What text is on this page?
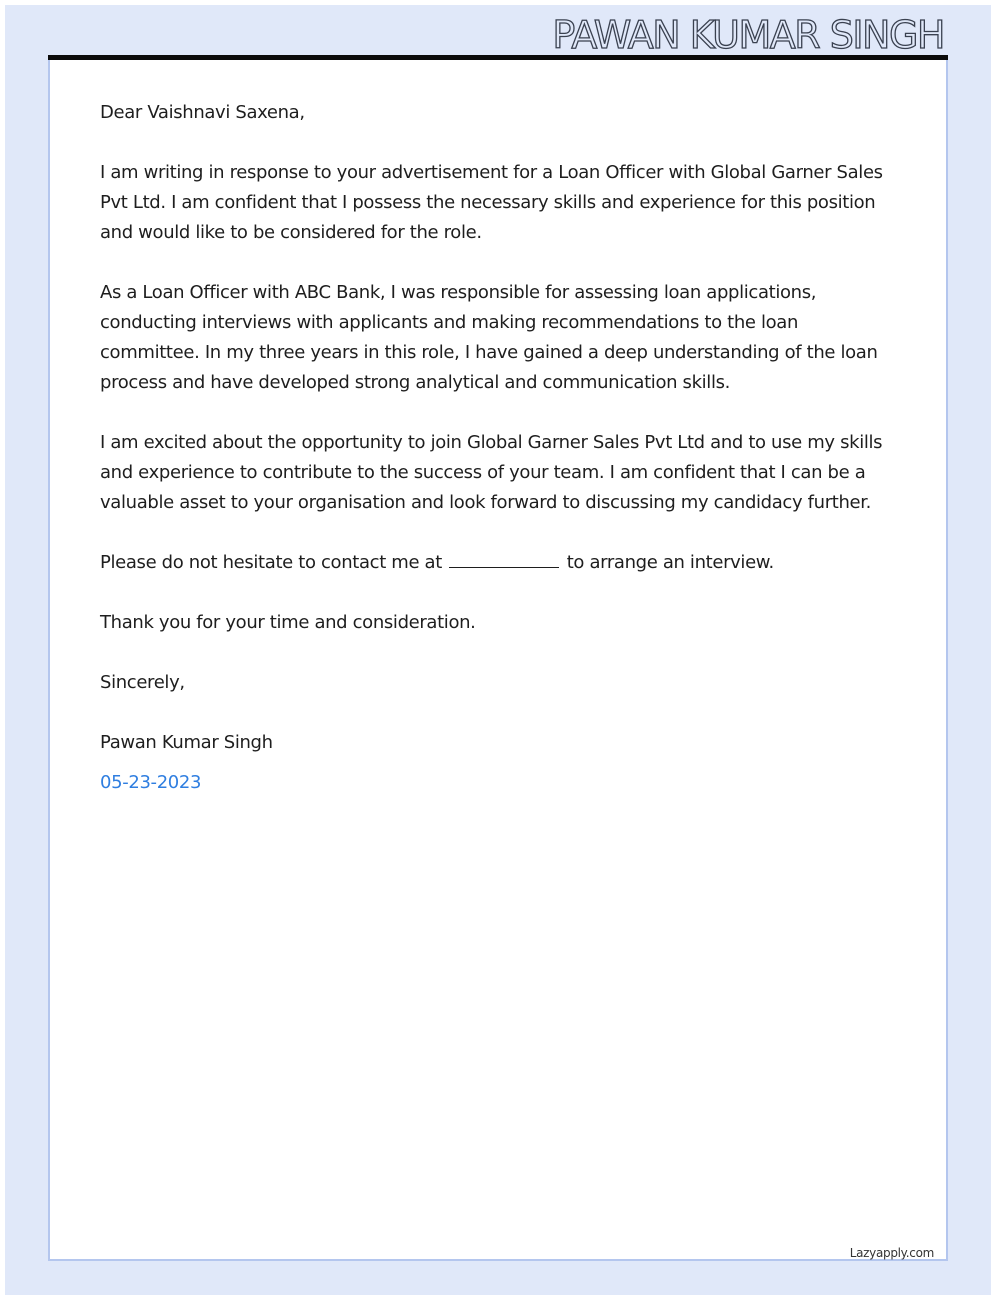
PAWAN KUMAR SINGH

Dear Vaishnavi Saxena,

I am writing in response to your advertisement for a Loan Officer with Global Garner Sales Pvt Ltd. I am confident that I possess the necessary skills and experience for this position and would like to be considered for the role.

As a Loan Officer with ABC Bank, I was responsible for assessing loan applications, conducting interviews with applicants and making recommendations to the loan committee. In my three years in this role, I have gained a deep understanding of the loan process and have developed strong analytical and communication skills.

I am excited about the opportunity to join Global Garner Sales Pvt Ltd and to use my skills and experience to contribute to the success of your team. I am confident that I can be a valuable asset to your organisation and look forward to discussing my candidacy further.

Please do not hesitate to contact me at	to arrange an interview.

Thank you for your time and consideration.

Sincerely,

Pawan Kumar Singh

05-23-2023

Lazyapply.com
